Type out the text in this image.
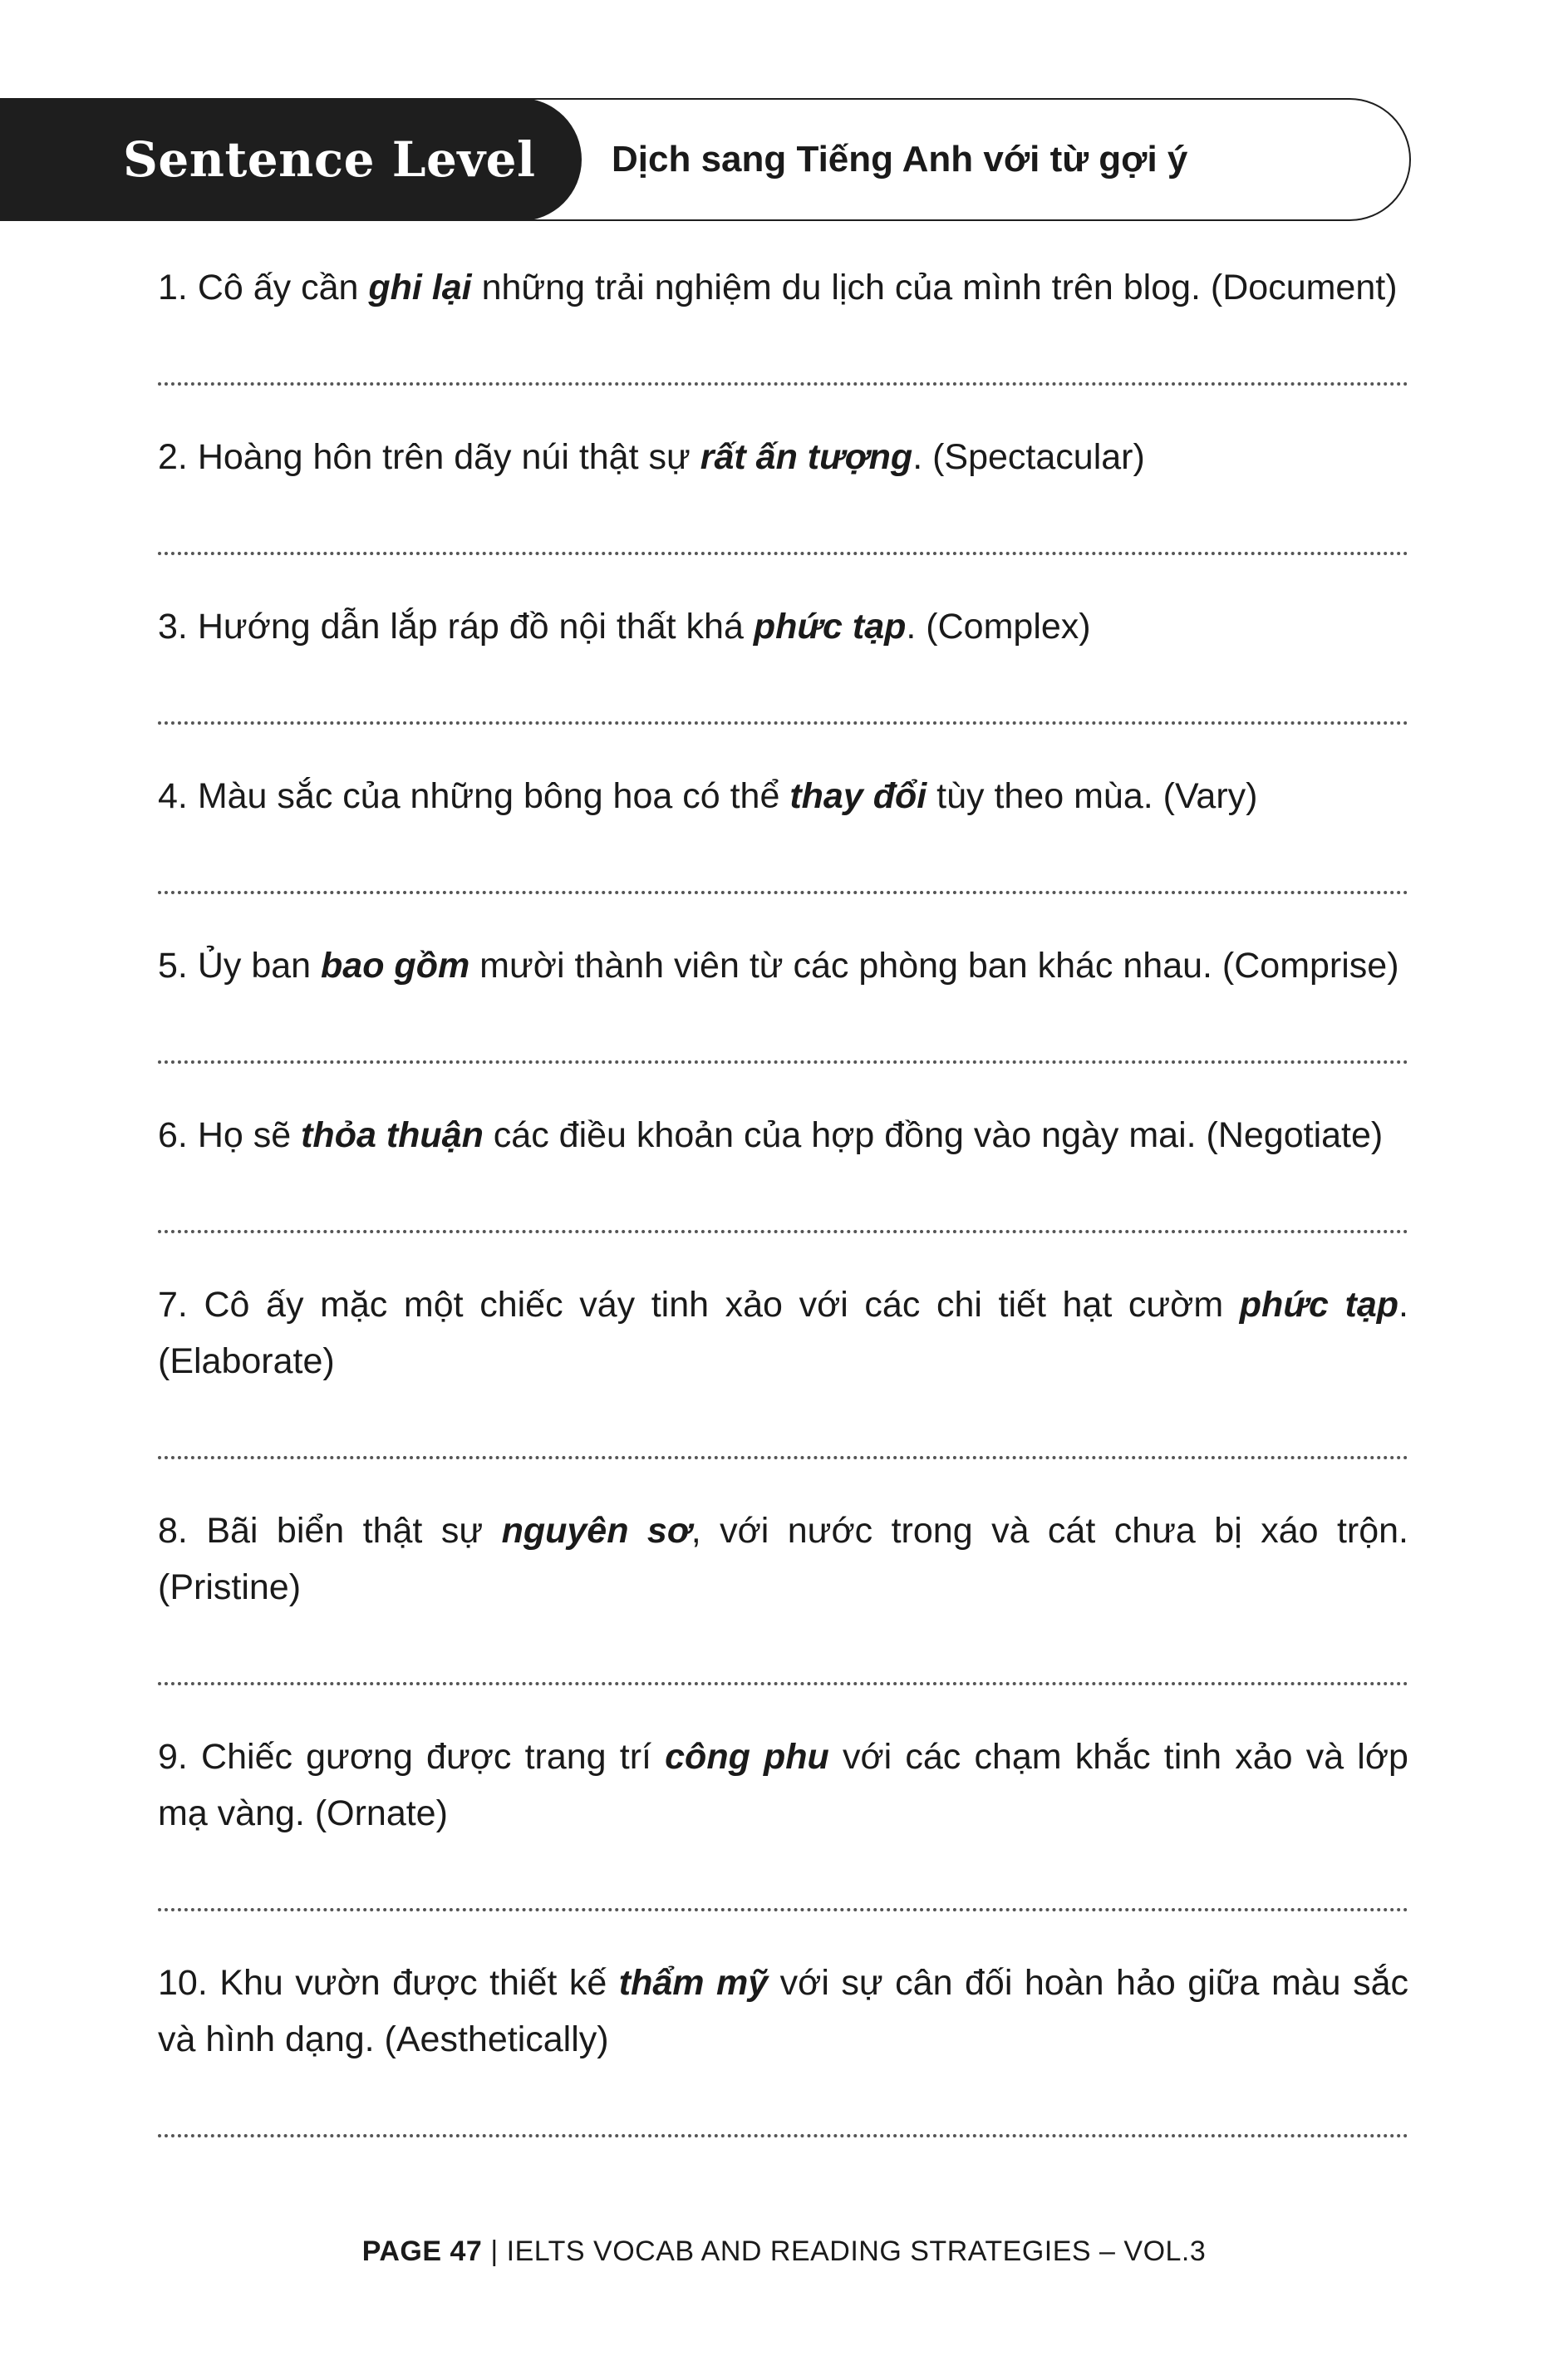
Sentence Level Dịch sang Tiếng Anh với từ gợi ý
1. Cô ấy cần ghi lại những trải nghiệm du lịch của mình trên blog. (Document)
2. Hoàng hôn trên dãy núi thật sự rất ấn tượng. (Spectacular)
3. Hướng dẫn lắp ráp đồ nội thất khá phức tạp. (Complex)
4. Màu sắc của những bông hoa có thể thay đổi tùy theo mùa. (Vary)
5. Ủy ban bao gồm mười thành viên từ các phòng ban khác nhau. (Comprise)
6. Họ sẽ thỏa thuận các điều khoản của hợp đồng vào ngày mai. (Negotiate)
7. Cô ấy mặc một chiếc váy tinh xảo với các chi tiết hạt cườm phức tạp. (Elaborate)
8. Bãi biển thật sự nguyên sơ, với nước trong và cát chưa bị xáo trộn. (Pristine)
9. Chiếc gương được trang trí công phu với các chạm khắc tinh xảo và lớp mạ vàng. (Ornate)
10. Khu vườn được thiết kế thẩm mỹ với sự cân đối hoàn hảo giữa màu sắc và hình dạng. (Aesthetically)
PAGE 47 | IELTS VOCAB AND READING STRATEGIES – VOL.3
